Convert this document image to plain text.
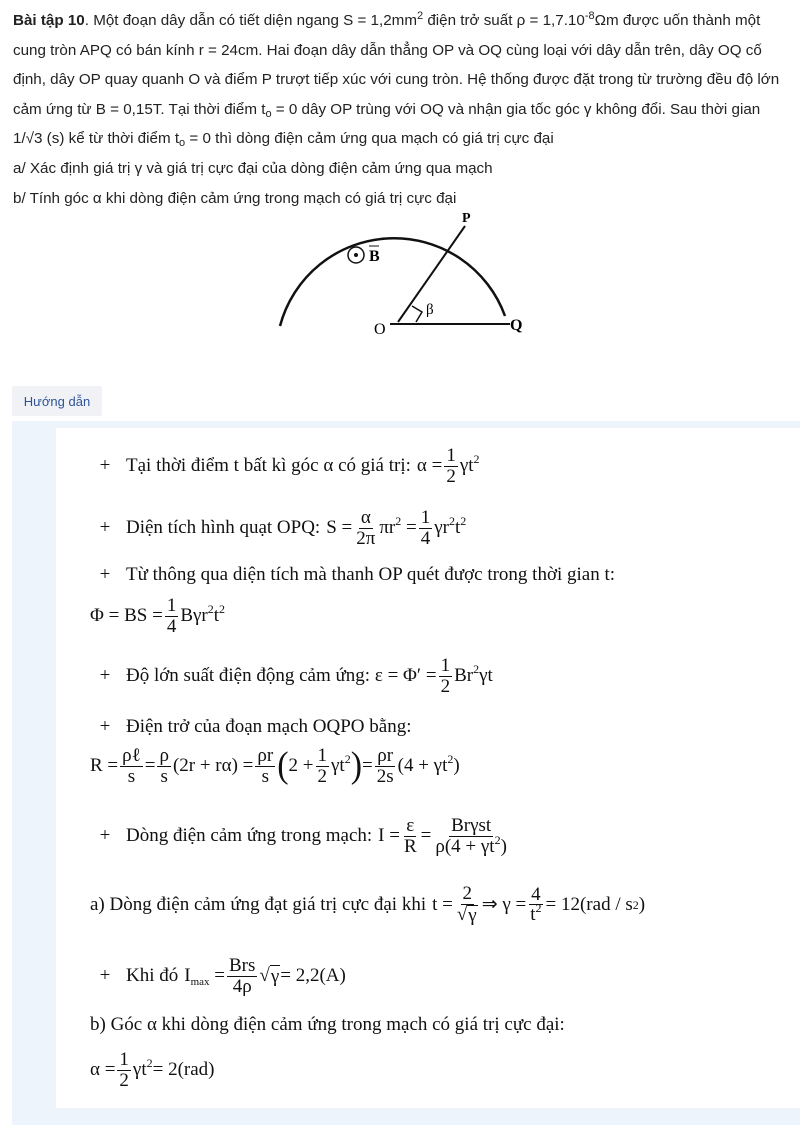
Bài tập 10. Một đoạn dây dẫn có tiết diện ngang $S = 1,2mm^2$ điện trở suất $\rho = 1,7.10^{-8}\Omega m$ được uốn thành một
cung tròn APQ có bán kính r = 24cm. Hai đoạn dây dẫn thẳng OP và OQ cùng loại với dây dẫn trên, dây OQ cố
định, dây OP quay quanh O và điểm P trượt tiếp xúc với cung tròn. Hệ thống được đặt trong từ trường đều độ lớn
cảm ứng từ B = 0,15T. Tại thời điểm $t_o = 0$ dây OP trùng với OQ và nhận gia tốc góc γ không đổi. Sau thời gian
1/√3 (s) kể từ thời điểm $t_o = 0$ thì dòng điện cảm ứng qua mạch có giá trị cực đại
a/ Xác định giá trị γ và giá trị cực đại của dòng điện cảm ứng qua mạch
b/ Tính góc α khi dòng điện cảm ứng trong mạch có giá trị cực đại
B
P
O	Q
β
Hướng dẫn
+ Tại thời điểm t bất kì góc α có giá trị: $\alpha = \frac{1}{2} \gamma t^2$
+ Diện tích hình quạt OPQ: $S = \frac{\alpha}{2\pi} \pi r^2 = \frac{1}{4} \gamma r^2t^2$
+ Từ thông qua diện tích mà thanh OP quét được trong thời gian t:
Φ = BS = $\frac{1}{4} B\gamma r^2t^2$
+ Độ lớn suất điện động cảm ứng: $\varepsilon = \Phi' = \frac{1}{2} Br^2\gamma t$
+ Điện trở của đoạn mạch OQPO bằng:
$R = \frac{\text{ρℓ}}{s} = \frac{\rho}{s} (2r + r\alpha) = \frac{\rho r}{s}$ ( $2 + \frac{1}{2} \gamma t^2$ ) = $\frac{\rho r}{2s} (4 + \gamma t^2)$
+ Dòng điện cảm ứng trong mạch: $I = \frac{\varepsilon}{R} = \frac{\text{Brγst}}{\rho(4 + \gamma t^2)}$
a) Dòng điện cảm ứng đạt giá trị cực đại khi $t = \frac{2}{√ \gamma}$ ⇒ $\gamma = \frac{4}{t^2} = 12(rad / s$ 2 )
+ Khi đó $I_{max} = \frac{\text{Brs}}{4\rho}$ √ γ = 2,2(A)
b) Góc α khi dòng điện cảm ứng trong mạch có giá trị cực đại:
$\alpha = \frac{1}{2} \gamma t^2 = 2(rad)$
